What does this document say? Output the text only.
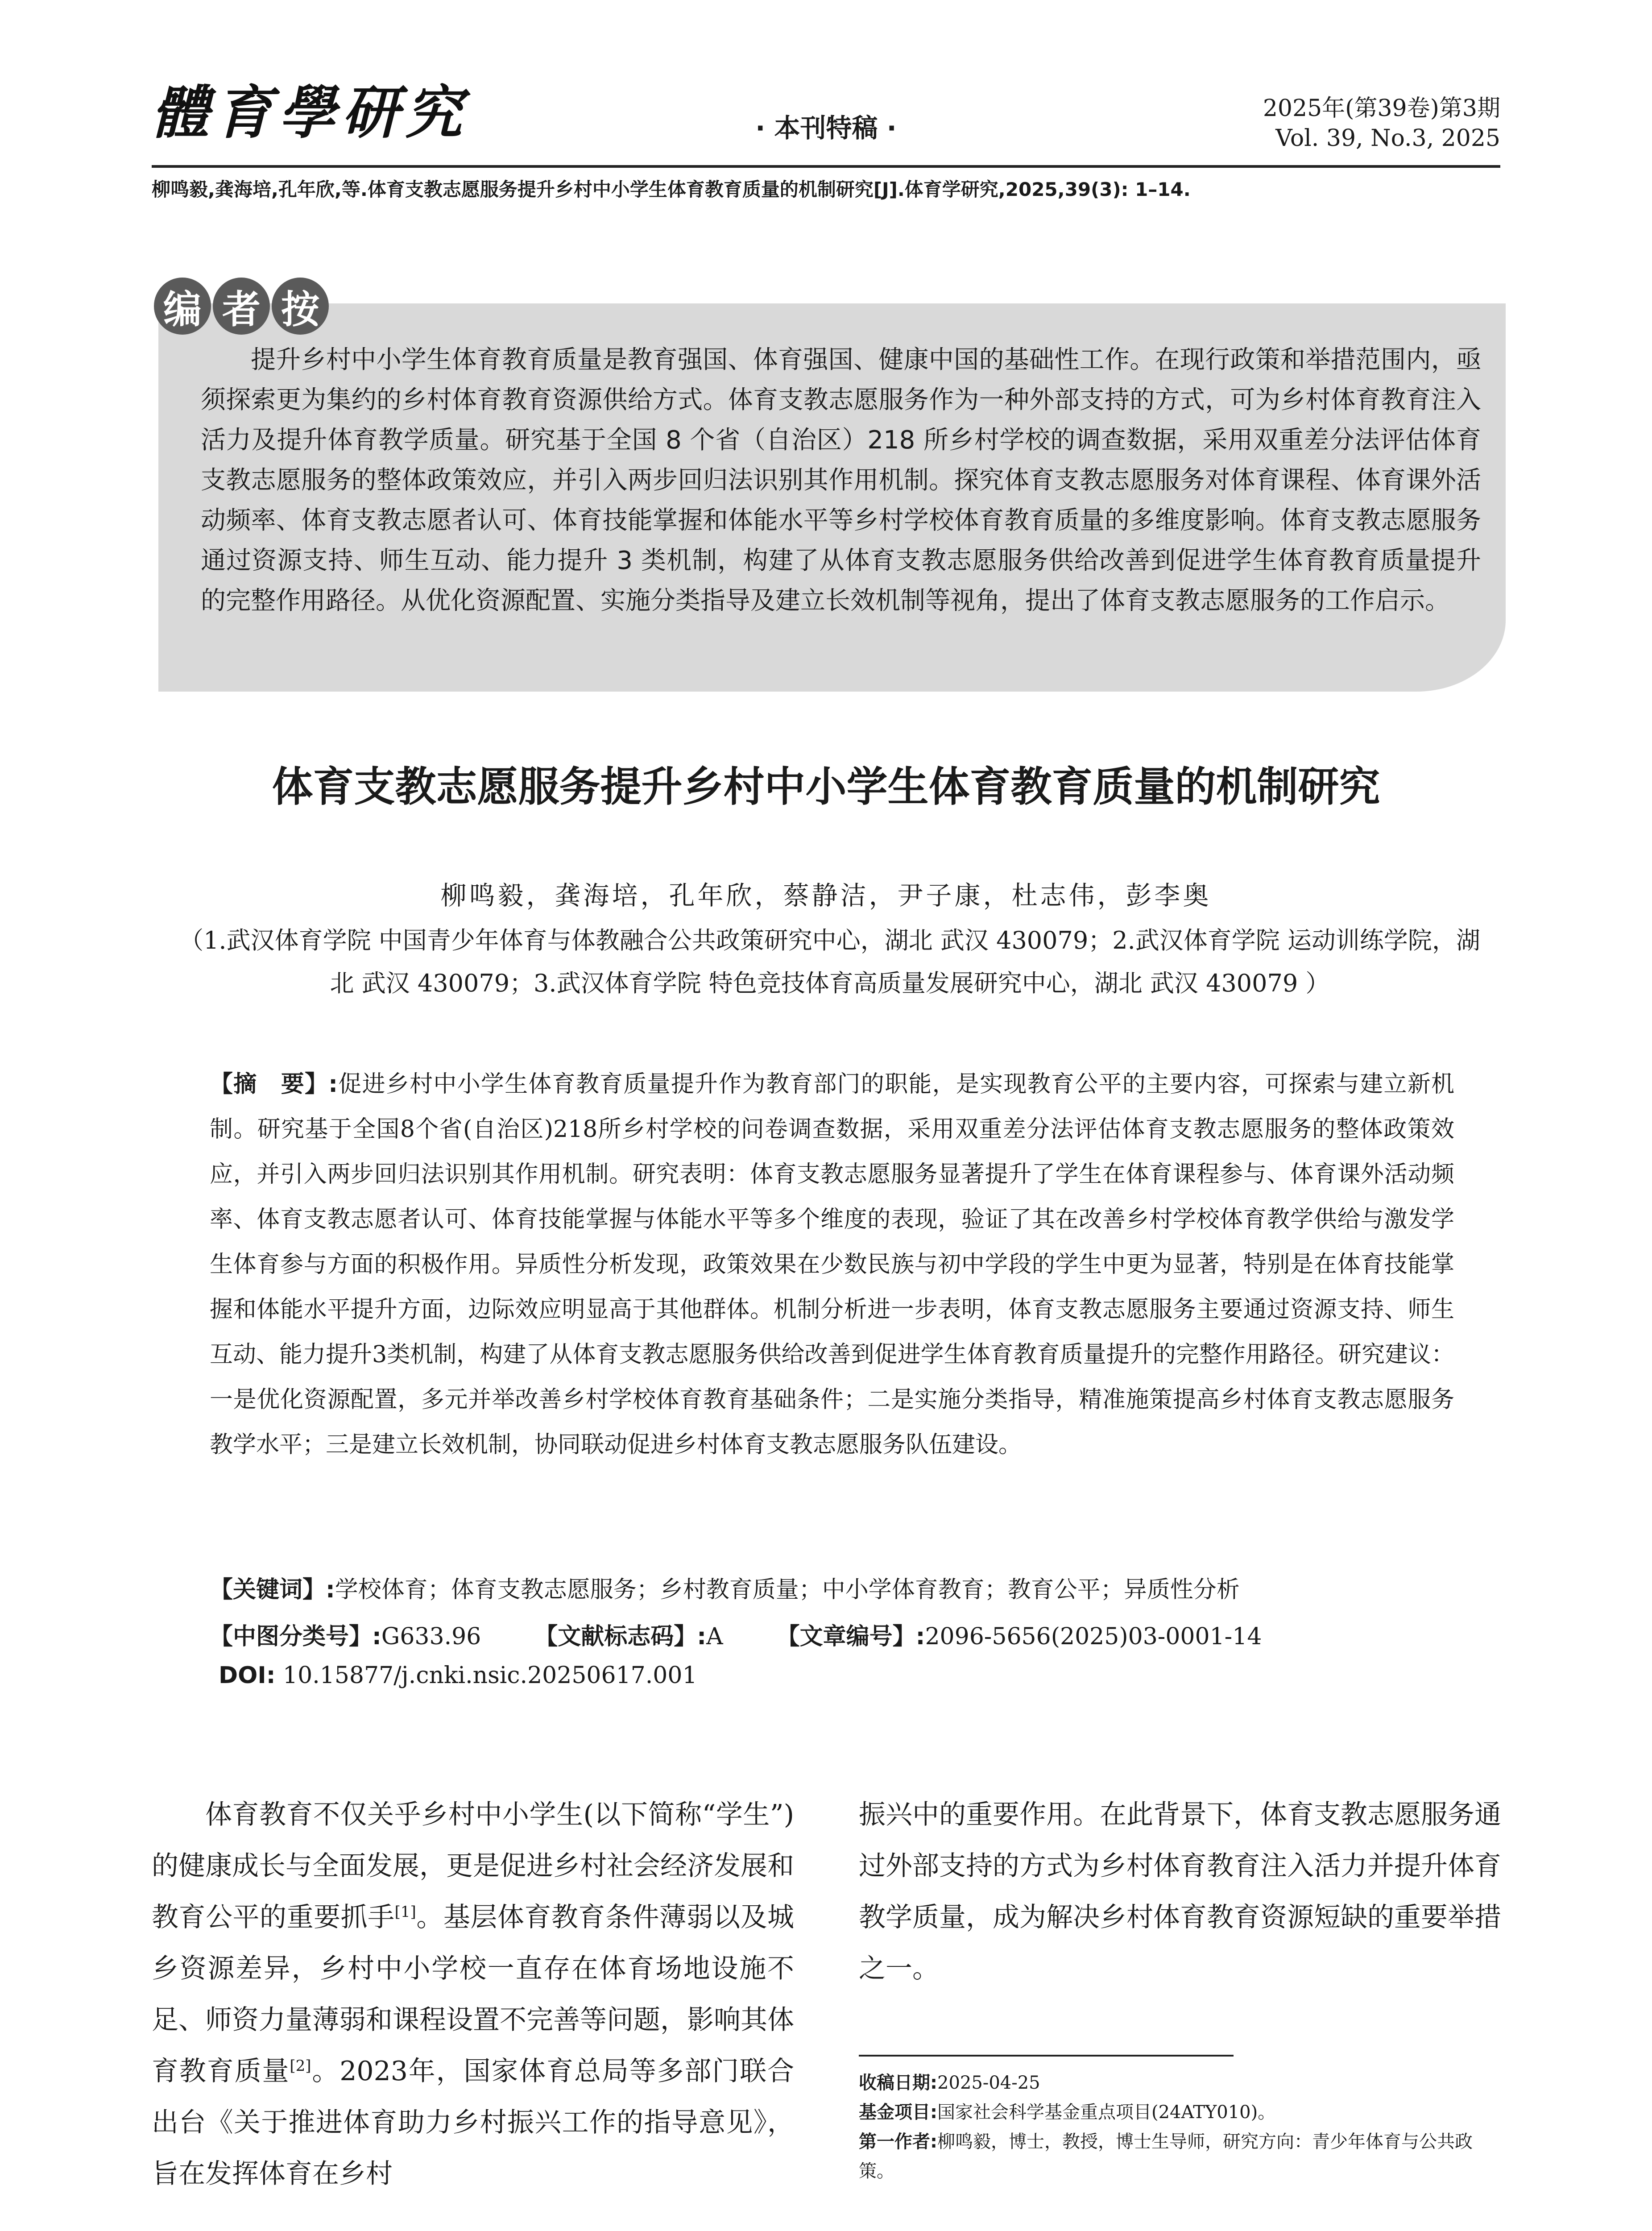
體育學研究	· 本刊特稿 ·
2025年(第39卷)第3期
Vol. 39, No.3, 2025
柳鸣毅,龚海培,孔年欣,等.体育支教志愿服务提升乡村中小学生体育教育质量的机制研究[J].体育学研究,2025,39(3): 1–14.
编 者 按
提升乡村中小学生体育教育质量是教育强国、体育强国、健康中国的基础性工作。在现行政策和举措范围内，亟须探索更为集约的乡村体育教育资源供给方式。体育支教志愿服务作为一种外部支持的方式，可为乡村体育教育注入活力及提升体育教学质量。研究基于全国 8 个省（自治区）218 所乡村学校的调查数据，采用双重差分法评估体育支教志愿服务的整体政策效应，并引入两步回归法识别其作用机制。探究体育支教志愿服务对体育课程、体育课外活动频率、体育支教志愿者认可、体育技能掌握和体能水平等乡村学校体育教育质量的多维度影响。体育支教志愿服务通过资源支持、师生互动、能力提升 3 类机制，构建了从体育支教志愿服务供给改善到促进学生体育教育质量提升的完整作用路径。从优化资源配置、实施分类指导及建立长效机制等视角，提出了体育支教志愿服务的工作启示。
体育支教志愿服务提升乡村中小学生体育教育质量的机制研究
柳鸣毅，龚海培，孔年欣，蔡静洁，尹子康，杜志伟，彭李奥
（1.武汉体育学院 中国青少年体育与体教融合公共政策研究中心，湖北 武汉 430079；2.武汉体育学院 运动训练学院，湖北 武汉 430079；3.武汉体育学院 特色竞技体育高质量发展研究中心，湖北 武汉 430079 ）
【摘　要】:促进乡村中小学生体育教育质量提升作为教育部门的职能，是实现教育公平的主要内容，可探索与建立新机制。研究基于全国8个省(自治区)218所乡村学校的问卷调查数据，采用双重差分法评估体育支教志愿服务的整体政策效应，并引入两步回归法识别其作用机制。研究表明：体育支教志愿服务显著提升了学生在体育课程参与、体育课外活动频率、体育支教志愿者认可、体育技能掌握与体能水平等多个维度的表现，验证了其在改善乡村学校体育教学供给与激发学生体育参与方面的积极作用。异质性分析发现，政策效果在少数民族与初中学段的学生中更为显著，特别是在体育技能掌握和体能水平提升方面，边际效应明显高于其他群体。机制分析进一步表明，体育支教志愿服务主要通过资源支持、师生互动、能力提升3类机制，构建了从体育支教志愿服务供给改善到促进学生体育教育质量提升的完整作用路径。研究建议：一是优化资源配置，多元并举改善乡村学校体育教育基础条件；二是实施分类指导，精准施策提高乡村体育支教志愿服务教学水平；三是建立长效机制，协同联动促进乡村体育支教志愿服务队伍建设。
【关键词】:学校体育；体育支教志愿服务；乡村教育质量；中小学体育教育；教育公平；异质性分析
【中图分类号】:G633.96 【文献标志码】:A 【文章编号】:2096-5656(2025)03-0001-14
DOI: 10.15877/j.cnki.nsic.20250617.001
体育教育不仅关乎乡村中小学生(以下简称“学生”)的健康成长与全面发展，更是促进乡村社会经济发展和教育公平的重要抓手[1]。基层体育教育条件薄弱以及城乡资源差异，乡村中小学校一直存在体育场地设施不足、师资力量薄弱和课程设置不完善等问题，影响其体育教育质量[2]。2023年，国家体育总局等多部门联合出台《关于推进体育助力乡村振兴工作的指导意见》，旨在发挥体育在乡村
振兴中的重要作用。在此背景下，体育支教志愿服务通过外部支持的方式为乡村体育教育注入活力并提升体育教学质量，成为解决乡村体育教育资源短缺的重要举措之一。
收稿日期:2025-04-25
基金项目:国家社会科学基金重点项目(24ATY010)。
第一作者:柳鸣毅，博士，教授，博士生导师，研究方向：青少年体育与公共政策。
